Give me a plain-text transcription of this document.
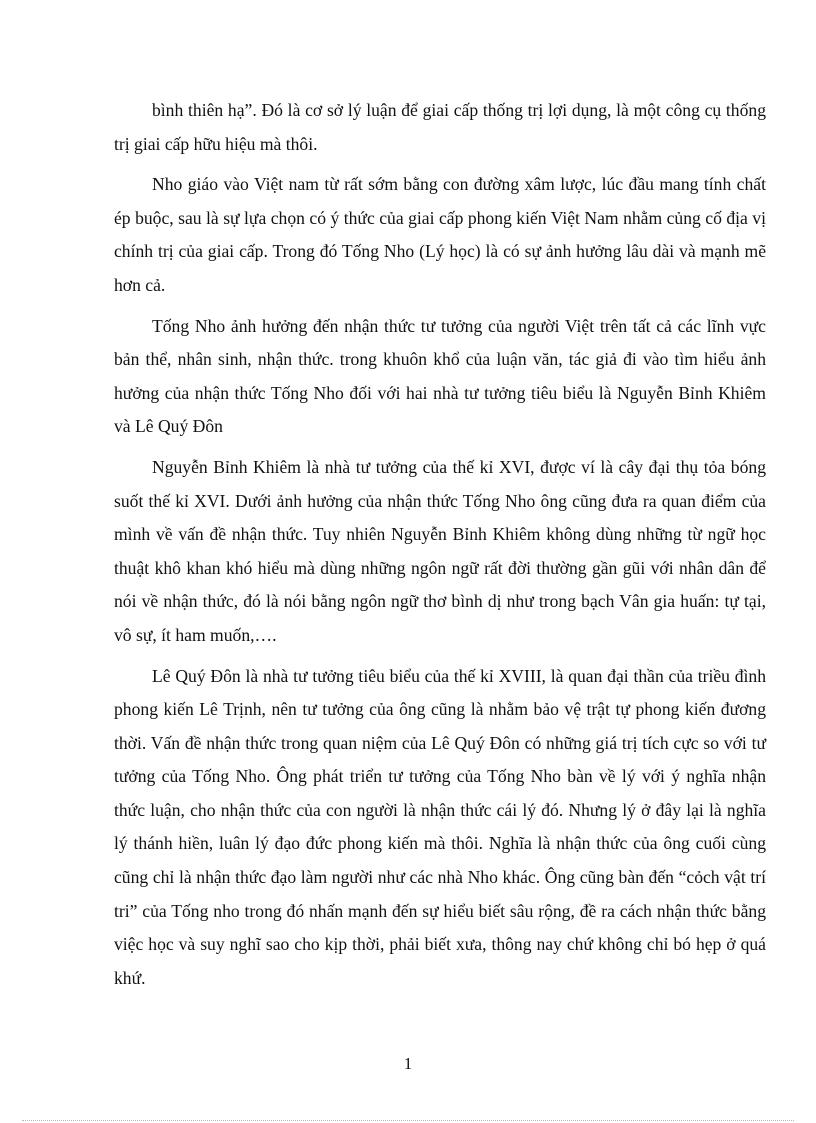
bình thiên hạ”. Đó là cơ sở lý luận để giai cấp thống trị lợi dụng, là một công cụ thống trị giai cấp hữu hiệu mà thôi.

Nho giáo vào Việt nam từ rất sớm bằng con đường xâm lược, lúc đầu mang tính chất ép buộc, sau là sự lựa chọn có ý thức của giai cấp phong kiến Việt Nam nhằm củng cố địa vị chính trị của giai cấp. Trong đó Tống Nho (Lý học) là có sự ảnh hưởng lâu dài và mạnh mẽ hơn cả.

Tống Nho ảnh hưởng đến nhận thức tư tưởng của người Việt trên tất cả các lĩnh vực bản thể, nhân sinh, nhận thức. trong khuôn khổ của luận văn, tác giả đi vào tìm hiểu ảnh hưởng của nhận thức Tống Nho đối với hai nhà tư tưởng tiêu biểu là Nguyễn Bỉnh Khiêm và Lê Quý Đôn

Nguyễn Bỉnh Khiêm là nhà tư tưởng của thế kỉ XVI, được ví là cây đại thụ tỏa bóng suốt thế kỉ XVI. Dưới ảnh hưởng của nhận thức Tống Nho ông cũng đưa ra quan điểm của mình về vấn đề nhận thức. Tuy nhiên Nguyễn Bỉnh Khiêm không dùng những từ ngữ học thuật khô khan khó hiểu mà dùng những ngôn ngữ rất đời thường gần gũi với nhân dân để nói về nhận thức, đó là nói bằng ngôn ngữ thơ bình dị như trong bạch Vân gia huấn: tự tại, vô sự, ít ham muốn,….

Lê Quý Đôn là nhà tư tưởng tiêu biểu của thế kỉ XVIII, là quan đại thần của triều đình phong kiến Lê Trịnh, nên tư tưởng của ông cũng là nhằm bảo vệ trật tự phong kiến đương thời. Vấn đề nhận thức trong quan niệm của Lê Quý Đôn có những giá trị tích cực so với tư tưởng của Tống Nho. Ông phát triển tư tưởng của Tống Nho bàn về lý với ý nghĩa nhận thức luận, cho nhận thức của con người là nhận thức cái lý đó. Nhưng lý ở đây lại là nghĩa lý thánh hiền, luân lý đạo đức phong kiến mà thôi. Nghĩa là nhận thức của ông cuối cùng cũng chỉ là nhận thức đạo làm người như các nhà Nho khác. Ông cũng bàn đến “cỏch vật trí tri” của Tống nho trong đó nhấn mạnh đến sự hiểu biết sâu rộng, đề ra cách nhận thức bằng việc học và suy nghĩ sao cho kịp thời, phải biết xưa, thông nay chứ không chỉ bó hẹp ở quá khứ.

1
